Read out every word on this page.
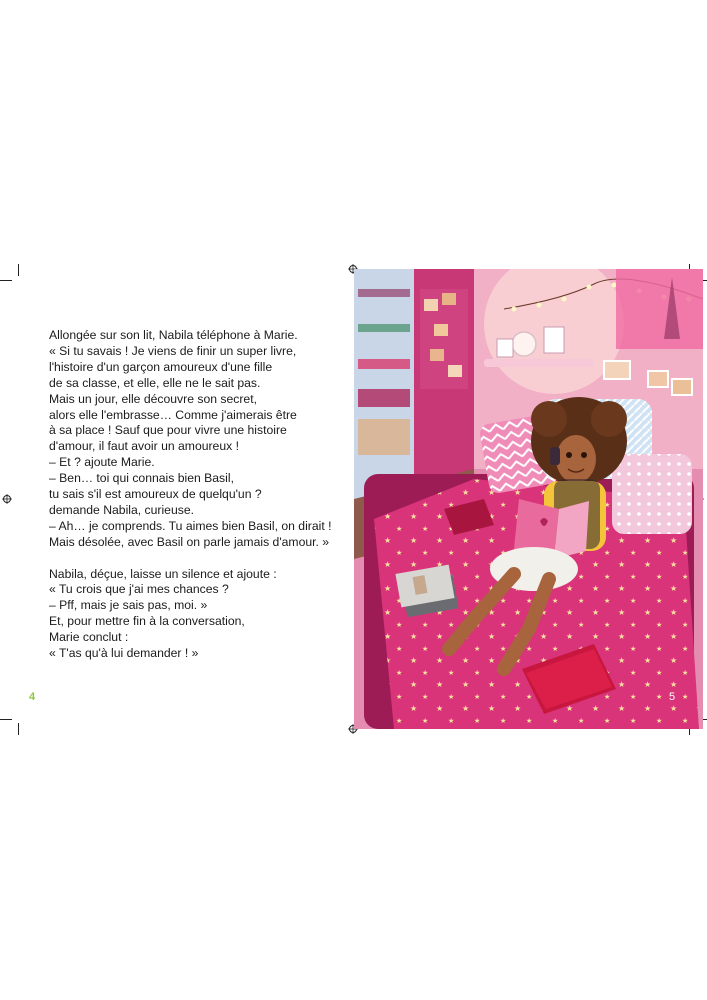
Allongée sur son lit, Nabila téléphone à Marie.
« Si tu savais ! Je viens de finir un super livre,
l'histoire d'un garçon amoureux d'une fille
de sa classe, et elle, elle ne le sait pas.
Mais un jour, elle découvre son secret,
alors elle l'embrasse… Comme j'aimerais être
à sa place ! Sauf que pour vivre une histoire
d'amour, il faut avoir un amoureux !
– Et ? ajoute Marie.
– Ben… toi qui connais bien Basil,
tu sais s'il est amoureux de quelqu'un ?
demande Nabila, curieuse.
– Ah… je comprends. Tu aimes bien Basil, on dirait !
Mais désolée, avec Basil on parle jamais d'amour. »
Nabila, déçue, laisse un silence et ajoute :
« Tu crois que j'ai mes chances ?
– Pff, mais je sais pas, moi. »
Et, pour mettre fin à la conversation,
Marie conclut :
« T'as qu'à lui demander ! »
4	5
